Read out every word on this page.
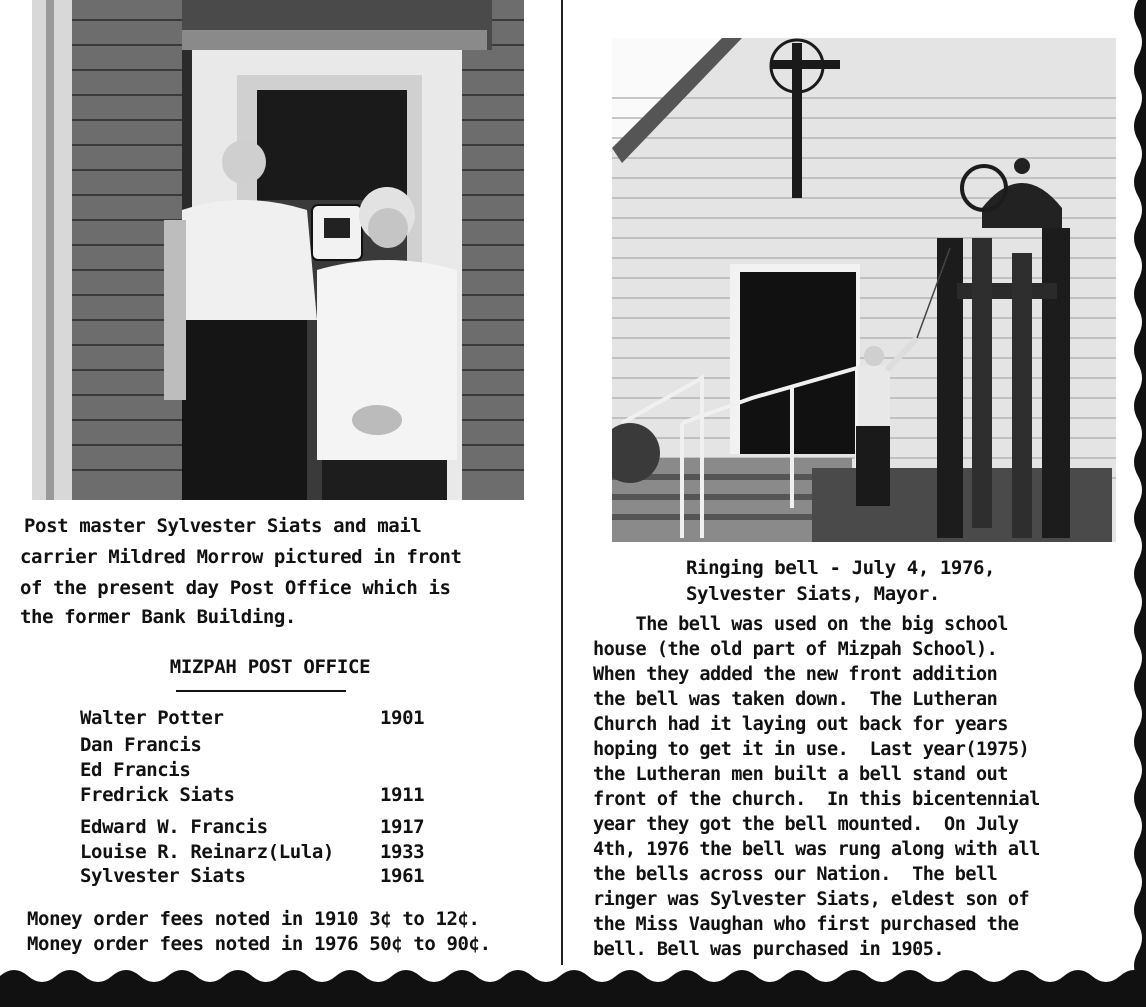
Post master Sylvester Siats and mail
carrier Mildred Morrow pictured in front
of the present day Post Office which is
the former Bank Building.
MIZPAH POST OFFICE
Walter Potter	1901
Dan Francis
Ed Francis
Fredrick Siats	1911
Edward W. Francis	1917
Louise R. Reinarz(Lula) 1933
Sylvester Siats	1961
Money order fees noted in 1910 3¢ to 12¢.
Money order fees noted in 1976 50¢ to 90¢.
Ringing bell - July 4, 1976,
Sylvester Siats, Mayor.
The bell was used on the big school
house (the old part of Mizpah School).
When they added the new front addition
the bell was taken down.  The Lutheran
Church had it laying out back for years
hoping to get it in use.  Last year(1975)
the Lutheran men built a bell stand out
front of the church.  In this bicentennial
year they got the bell mounted.  On July
4th, 1976 the bell was rung along with all
the bells across our Nation.  The bell
ringer was Sylvester Siats, eldest son of
the Miss Vaughan who first purchased the
bell. Bell was purchased in 1905.
